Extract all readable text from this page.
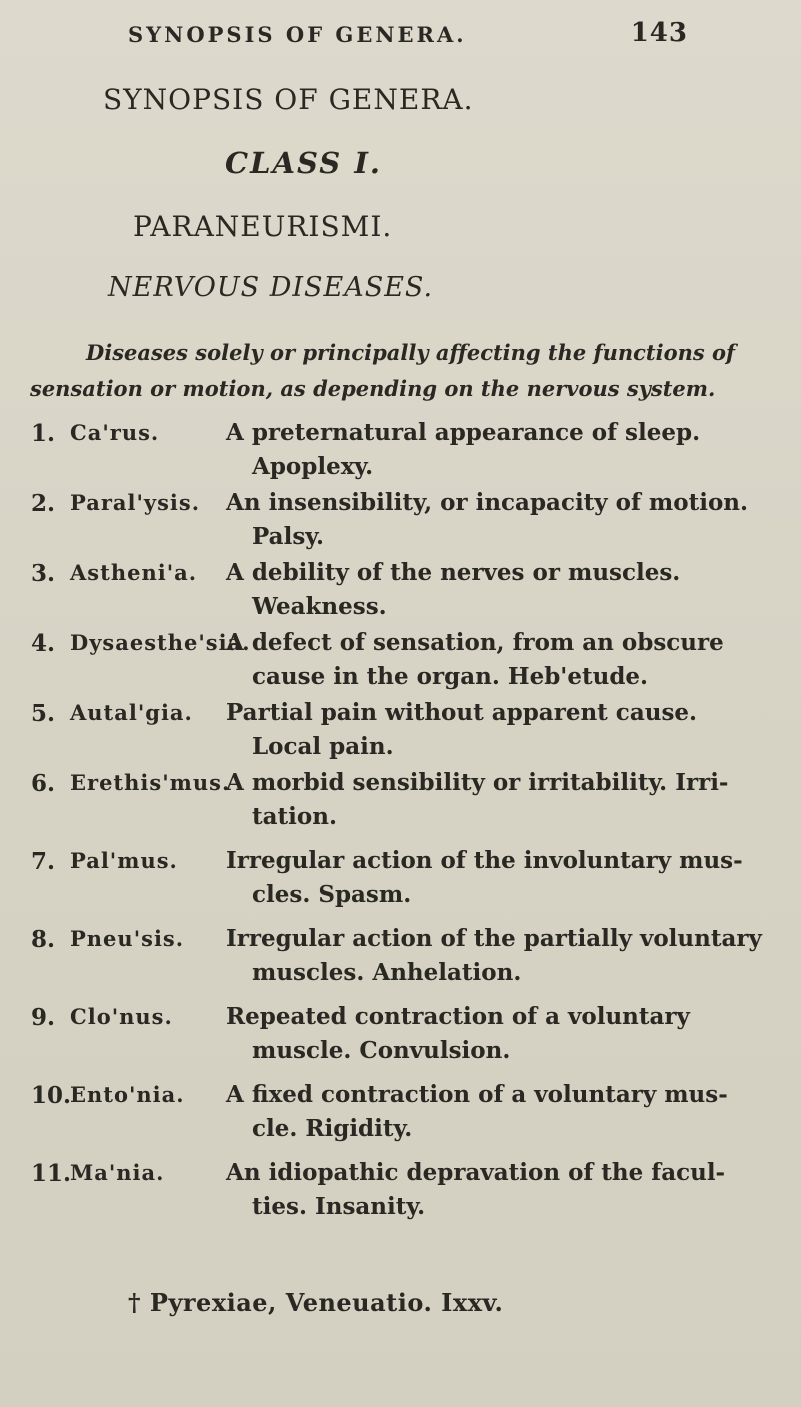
SYNOPSIS OF GENERA.	143
SYNOPSIS OF GENERA.
CLASS I.
PARANEURISMI.
NERVOUS DISEASES.
Diseases solely or principally affecting the functions of sensation or motion, as depending on the nervous system.
1. Ca'rus.	A preternatural appearance of sleep.
Apoplexy.
2. Paral'ysis. An insensibility, or incapacity of motion.
Palsy.
3. Astheni'a. A debility of the nerves or muscles.
Weakness.
4. Dysaesthe'sia.
A defect of sensation, from an obscure
cause in the organ. Heb'etude.
5. Autal'gia. Partial pain without apparent cause.
Local pain.
6. Erethis'mus.
A morbid sensibility or irritability. Irri-
tation.
7. Pal'mus. Irregular action of the involuntary mus-
cles. Spasm.
8. Pneu'sis. Irregular action of the partially voluntary
muscles. Anhelation.
9. Clo'nus. Repeated contraction of a voluntary
muscle. Convulsion.
10.
Ento'nia. A fixed contraction of a voluntary mus-
cle. Rigidity.
11.
Ma'nia.	An idiopathic depravation of the facul-
ties. Insanity.
† Pyrexiae, Veneuatio. Ixxv.
